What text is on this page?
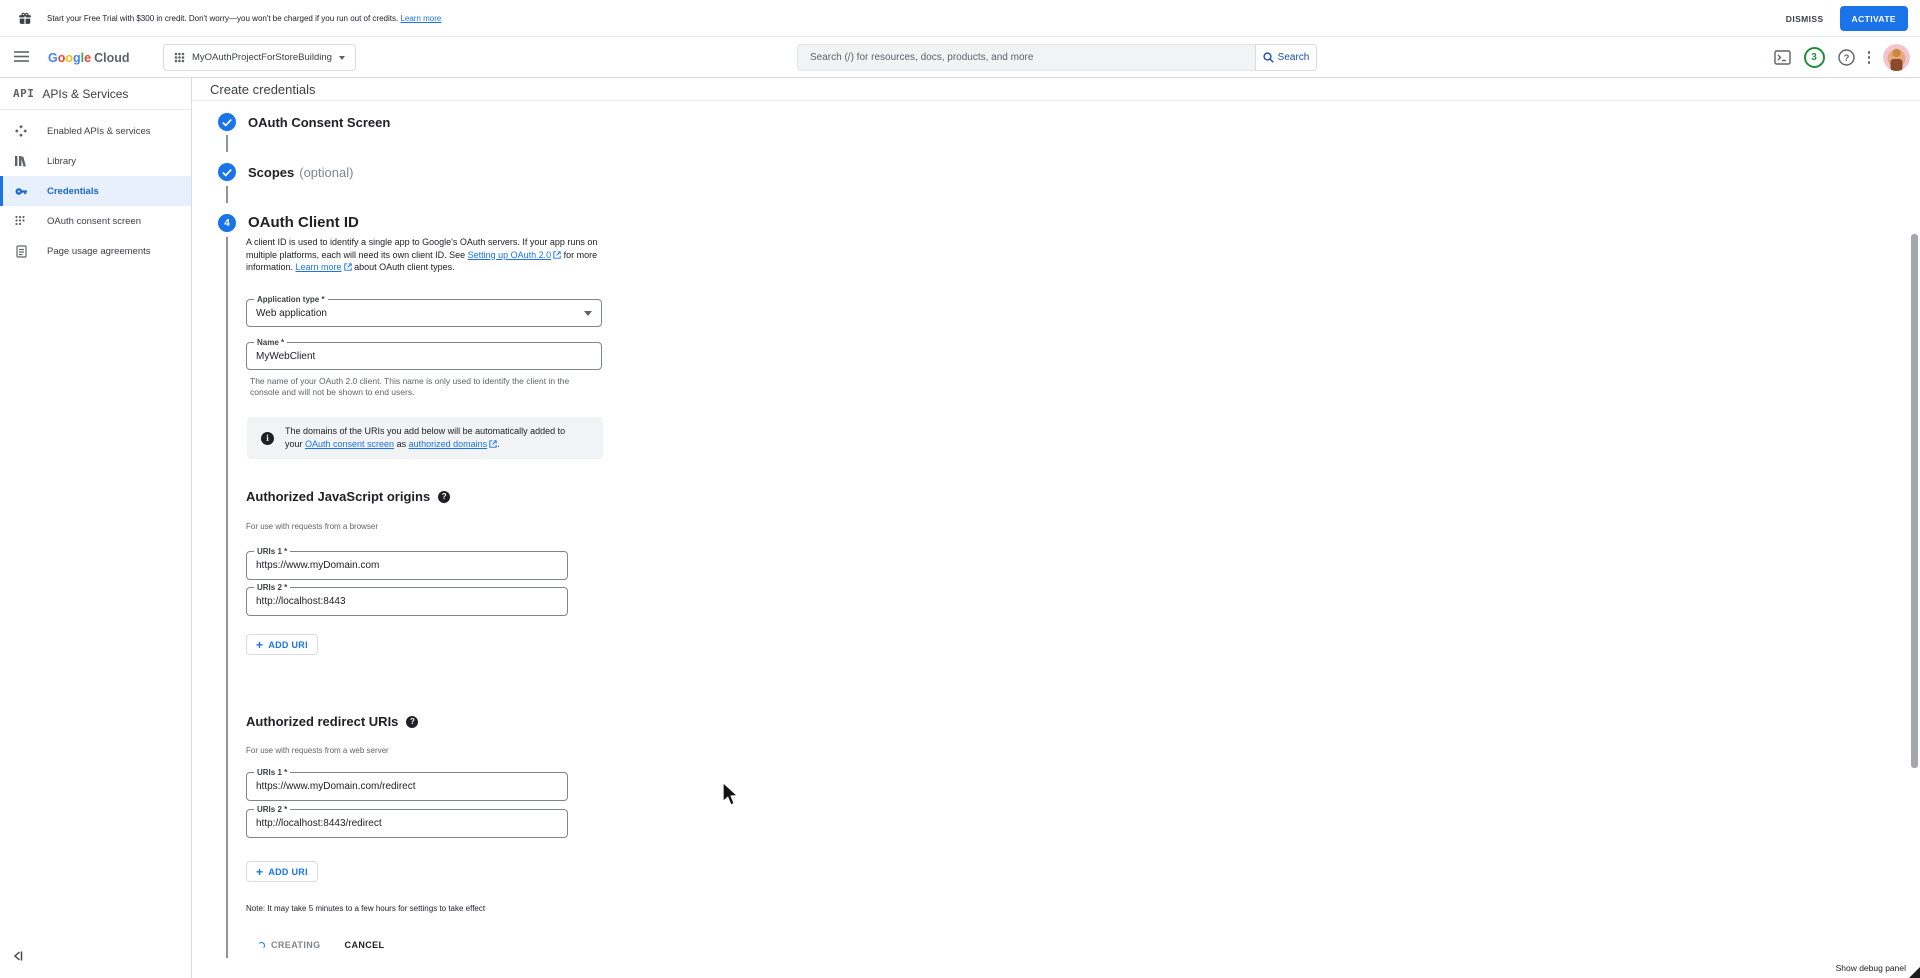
Start your Free Trial with $300 in credit. Don't worry—you won't be charged if you run out of credits. Learn more	DISMISS	ACTIVATE
G o o g l e Cloud	MyOAuthProjectForStoreBuilding
Search (/) for resources, docs, products, and more	Search	3	?
API APIs & Services
Enabled APIs & services
Library
Credentials
OAuth consent screen
Page usage agreements
Create credentials
OAuth Consent Screen
Scopes (optional)
4	OAuth Client ID
A client ID is used to identify a single app to Google's OAuth servers. If your app runs on multiple platforms, each will need its own client ID. See Setting up OAuth 2.0 for more information. Learn more about OAuth client types.
Application type *
Web application
Name *
MyWebClient
The name of your OAuth 2.0 client. This name is only used to identify the client in the console and will not be shown to end users.
i
The domains of the URIs you add below will be automatically added to your OAuth consent screen as authorized domains .
Authorized JavaScript origins	?
For use with requests from a browser
URIs 1 *
https://www.myDomain.com
URIs 2 *
http://localhost:8443
+ ADD URI
Authorized redirect URIs	?
For use with requests from a web server
URIs 1 *
https://www.myDomain.com/redirect
URIs 2 *
http://localhost:8443/redirect
+ ADD URI
Note: It may take 5 minutes to a few hours for settings to take effect
CREATING	CANCEL
Show debug panel
